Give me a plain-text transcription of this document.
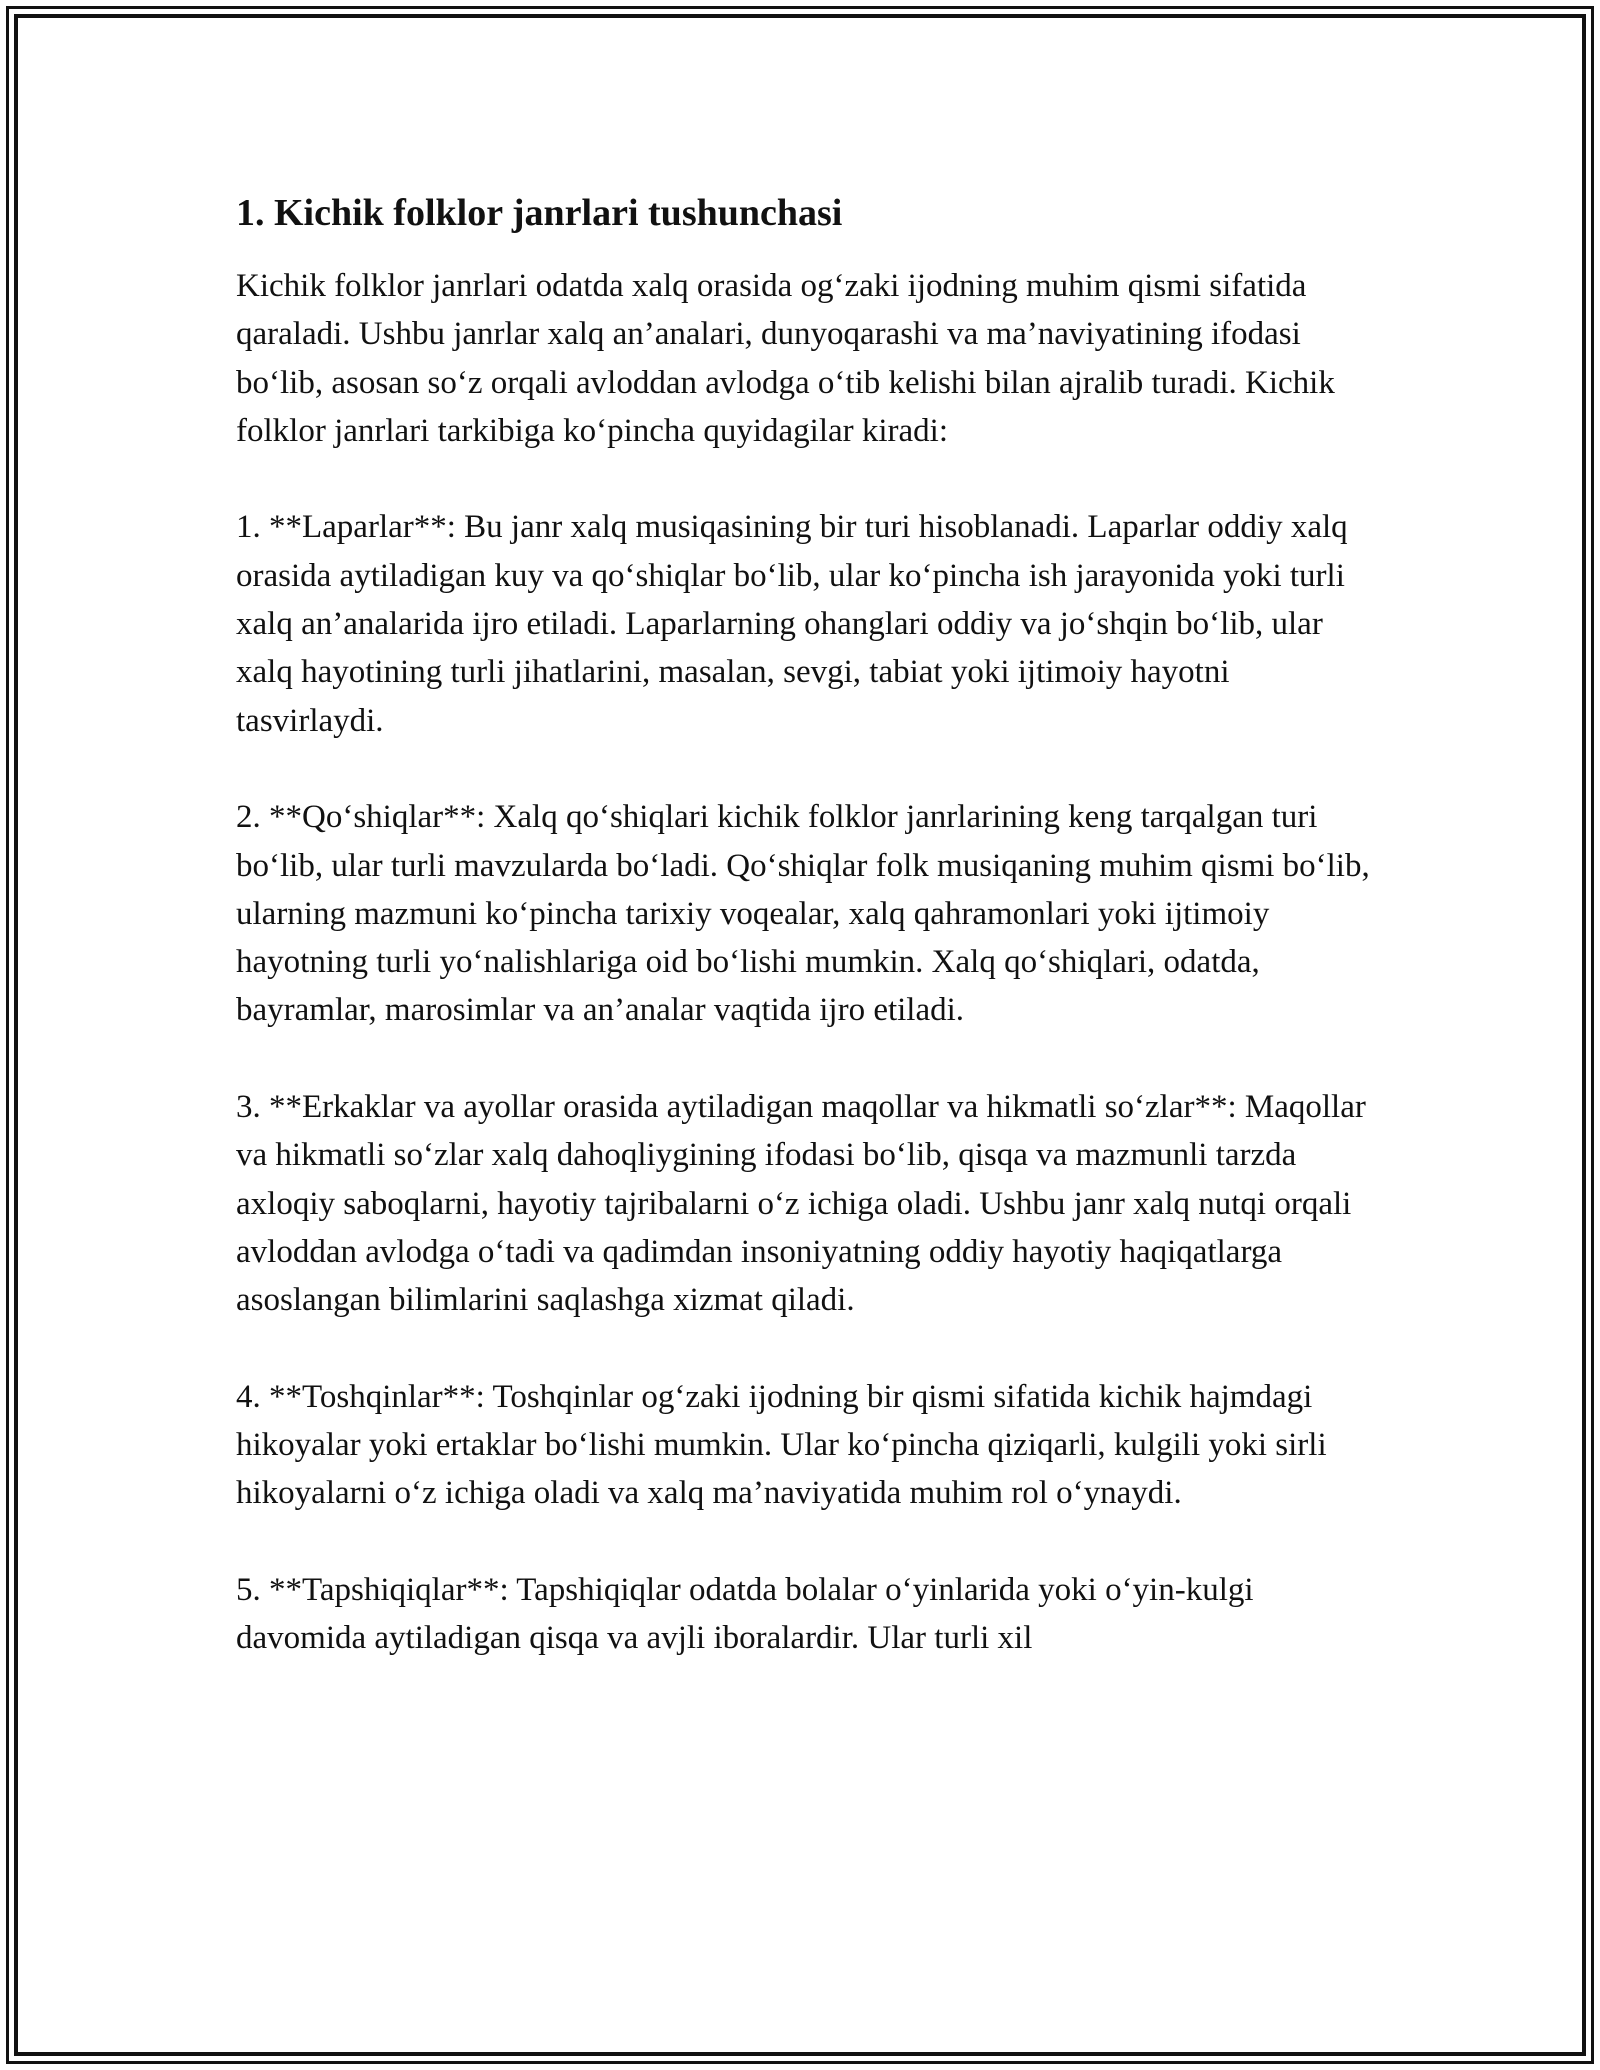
1. Kichik folklor janrlari tushunchasi

Kichik folklor janrlari odatda xalq orasida og‘zaki ijodning muhim qismi sifatida qaraladi. Ushbu janrlar xalq an’analari, dunyoqarashi va ma’naviyatining ifodasi bo‘lib, asosan so‘z orqali avloddan avlodga o‘tib kelishi bilan ajralib turadi. Kichik folklor janrlari tarkibiga ko‘pincha quyidagilar kiradi:

1. **Laparlar**: Bu janr xalq musiqasining bir turi hisoblanadi. Laparlar oddiy xalq orasida aytiladigan kuy va qo‘shiqlar bo‘lib, ular ko‘pincha ish jarayonida yoki turli xalq an’analarida ijro etiladi. Laparlarning ohanglari oddiy va jo‘shqin bo‘lib, ular xalq hayotining turli jihatlarini, masalan, sevgi, tabiat yoki ijtimoiy hayotni tasvirlaydi.

2. **Qo‘shiqlar**: Xalq qo‘shiqlari kichik folklor janrlarining keng tarqalgan turi bo‘lib, ular turli mavzularda bo‘ladi. Qo‘shiqlar folk musiqaning muhim qismi bo‘lib, ularning mazmuni ko‘pincha tarixiy voqealar, xalq qahramonlari yoki ijtimoiy hayotning turli yo‘nalishlariga oid bo‘lishi mumkin. Xalq qo‘shiqlari, odatda, bayramlar, marosimlar va an’analar vaqtida ijro etiladi.

3. **Erkaklar va ayollar orasida aytiladigan maqollar va hikmatli so‘zlar**: Maqollar va hikmatli so‘zlar xalq dahoqliygining ifodasi bo‘lib, qisqa va mazmunli tarzda axloqiy saboqlarni, hayotiy tajribalarni o‘z ichiga oladi. Ushbu janr xalq nutqi orqali avloddan avlodga o‘tadi va qadimdan insoniyatning oddiy hayotiy haqiqatlarga asoslangan bilimlarini saqlashga xizmat qiladi.

4. **Toshqinlar**: Toshqinlar og‘zaki ijodning bir qismi sifatida kichik hajmdagi hikoyalar yoki ertaklar bo‘lishi mumkin. Ular ko‘pincha qiziqarli, kulgili yoki sirli hikoyalarni o‘z ichiga oladi va xalq ma’naviyatida muhim rol o‘ynaydi.

5. **Tapshiqiqlar**: Tapshiqiqlar odatda bolalar o‘yinlarida yoki o‘yin-kulgi davomida aytiladigan qisqa va avjli iboralardir. Ular turli xil
